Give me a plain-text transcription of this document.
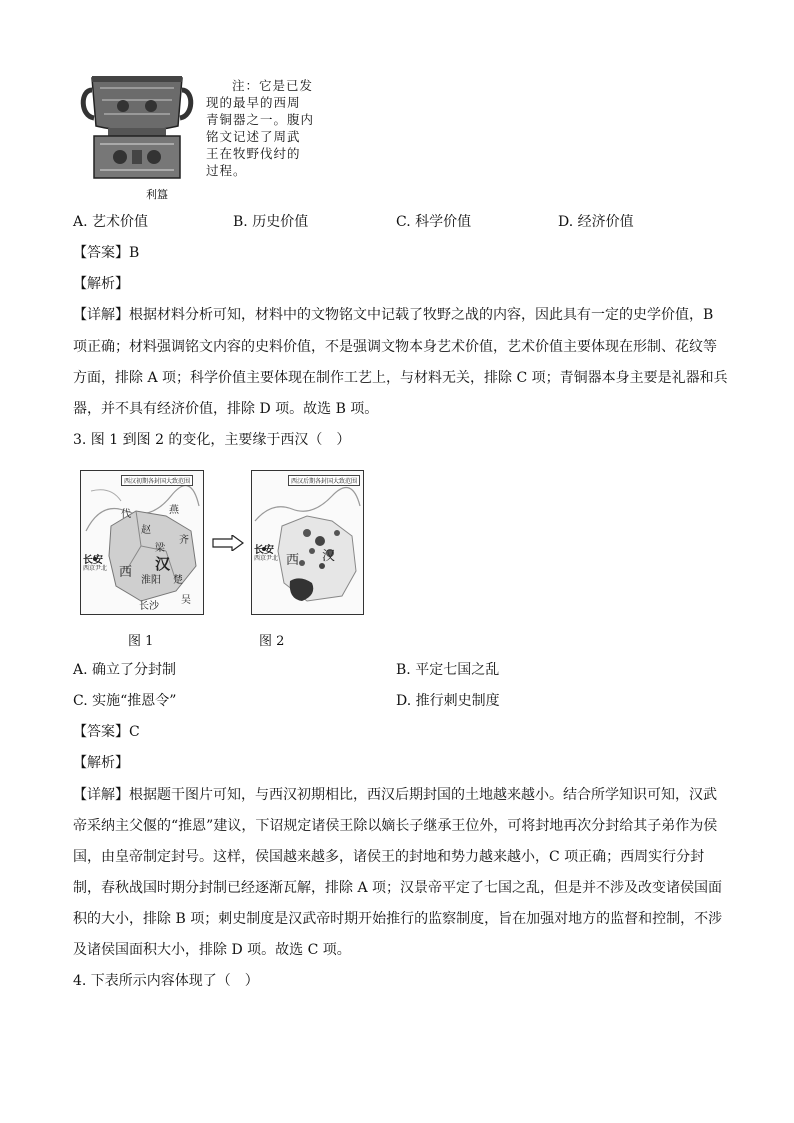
利簋
注：它是已发
现的最早的西周
青铜器之一。腹内
铭文记述了周武
王在牧野伐纣的
过程。
A. 艺术价值	B. 历史价值	C. 科学价值	D. 经济价值
【答案】B
【解析】
【详解】根据材料分析可知，材料中的文物铭文中记载了牧野之战的内容，因此具有一定的史学价值，B
项正确；材料强调铭文内容的史料价值，不是强调文物本身艺术价值，艺术价值主要体现在形制、花纹等
方面，排除 A 项；科学价值主要体现在制作工艺上，与材料无关，排除 C 项；青铜器本身主要是礼器和兵
器，并不具有经济价值，排除 D 项。故选 B 项。
3. 图 1 到图 2 的变化，主要缘于西汉（　）
西汉初期各封国大致范围
代
赵
燕
齐
汉
梁
楚
淮阳
长安
西京尹北 西
吴
长沙
西汉后期各封国大致范围
长安
西京尹北 西 汉
图 1	图 2
A. 确立了分封制	B. 平定七国之乱
C. 实施“推恩令”	D. 推行刺史制度
【答案】C
【解析】
【详解】根据题干图片可知，与西汉初期相比，西汉后期封国的土地越来越小。结合所学知识可知，汉武
帝采纳主父偃的“推恩”建议，下诏规定诸侯王除以嫡长子继承王位外，可将封地再次分封给其子弟作为侯
国，由皇帝制定封号。这样，侯国越来越多，诸侯王的封地和势力越来越小，C 项正确；西周实行分封
制，春秋战国时期分封制已经逐渐瓦解，排除 A 项；汉景帝平定了七国之乱，但是并不涉及改变诸侯国面
积的大小，排除 B 项；刺史制度是汉武帝时期开始推行的监察制度，旨在加强对地方的监督和控制，不涉
及诸侯国面积大小，排除 D 项。故选 C 项。
4. 下表所示内容体现了（　）
